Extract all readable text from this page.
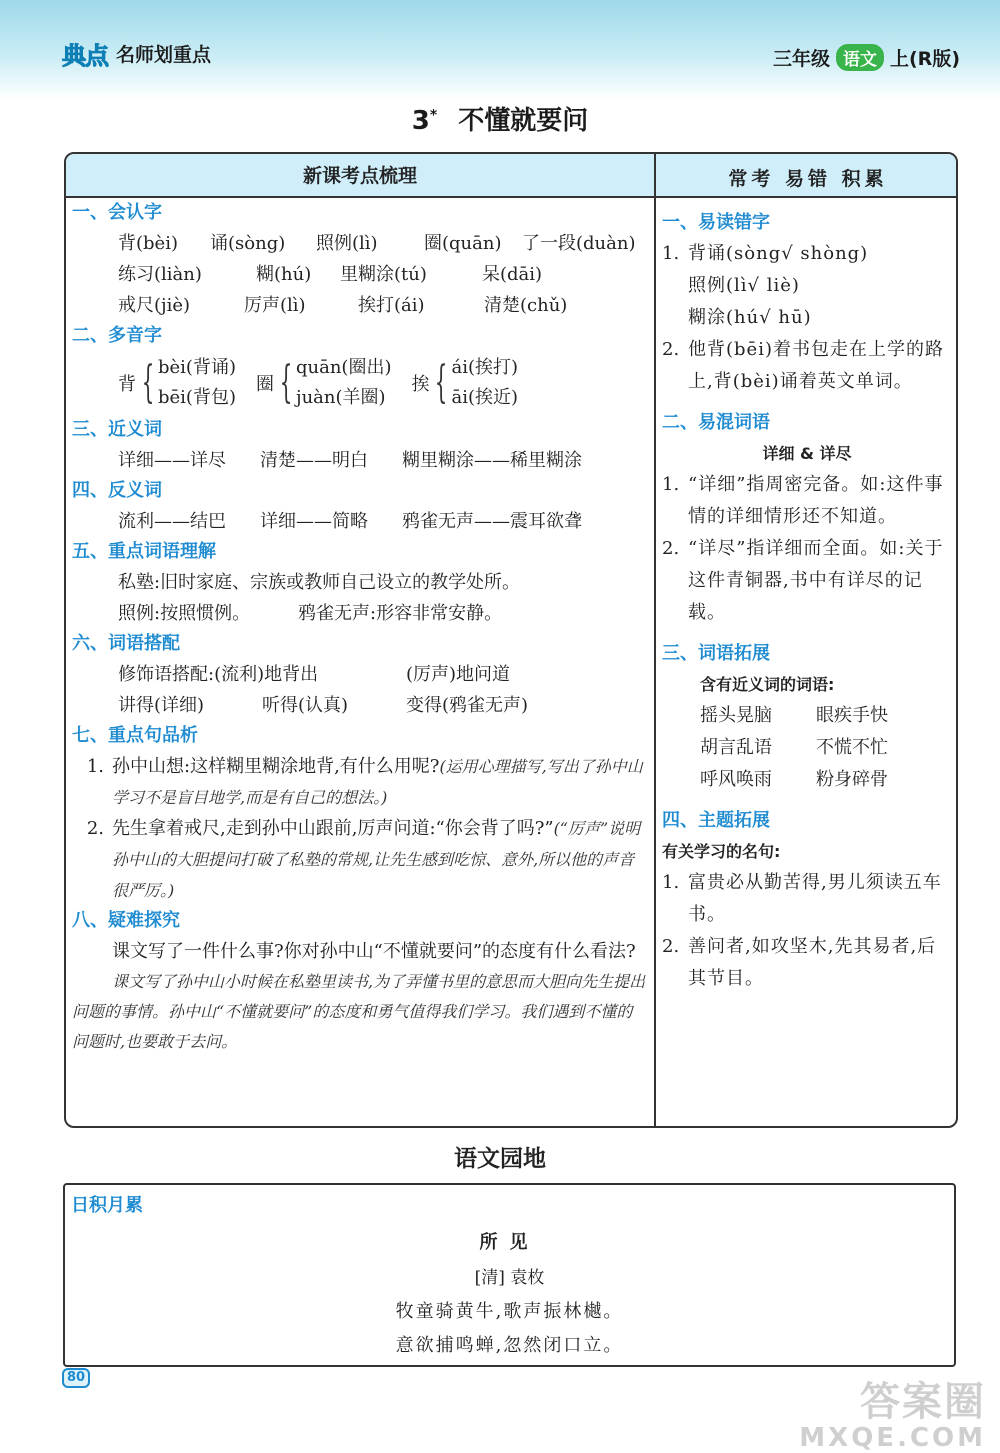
典点 名师划重点	三年级 语文 上(R版)
3* 不懂就要问
新课考点梳理	常考 易错 积累
一、会认字
背(bèi)	诵(sòng)	照例(lì)	圈(quān)	了一段(duàn)
练习(liàn)	糊(hú)	里糊涂(tú)	呆(dāi)
戒尺(jiè)	厉声(lì)	挨打(ái)	清楚(chǔ)
二、多音字
背 { bèi(背诵)
bēi(背包)
圈 { quān(圈出)
juàn(羊圈)
挨 { ái(挨打)
āi(挨近)
三、近义词
详细——详尽	清楚——明白	糊里糊涂——稀里糊涂
四、反义词
流利——结巴	详细——简略	鸦雀无声——震耳欲聋
五、重点词语理解
私塾:旧时家庭、宗族或教师自己设立的教学处所。
照例:按照惯例。	鸦雀无声:形容非常安静。
六、词语搭配
修饰语搭配:(流利)地背出	(厉声)地问道
讲得(详细)	听得(认真)	变得(鸦雀无声)
七、重点句品析
1. 孙中山想:这样糊里糊涂地背,有什么用呢?(运用心理描写,写出了孙中山学习不是盲目地学,而是有自己的想法。)
2. 先生拿着戒尺,走到孙中山跟前,厉声问道:“你会背了吗?”(“厉声”说明孙中山的大胆提问打破了私塾的常规,让先生感到吃惊、意外,所以他的声音很严厉。)
八、疑难探究
课文写了一件什么事?你对孙中山“不懂就要问”的态度有什么看法?
课文写了孙中山小时候在私塾里读书,为了弄懂书里的意思而大胆向先生提出问题的事情。孙中山“不懂就要问”的态度和勇气值得我们学习。我们遇到不懂的问题时,也要敢于去问。
一、易读错字
1. 背诵(sòng√ shòng)
照例(lì√ liè)
糊涂(hú√ hū)
2. 他背(bēi)着书包走在上学的路上,背(bèi)诵着英文单词。
二、易混词语
详细 & 详尽
1. “详细”指周密完备。如:这件事情的详细情形还不知道。
2. “详尽”指详细而全面。如:关于这件青铜器,书中有详尽的记载。
三、词语拓展
含有近义词的词语:
摇头晃脑	眼疾手快
胡言乱语	不慌不忙
呼风唤雨	粉身碎骨
四、主题拓展
有关学习的名句:
1. 富贵必从勤苦得,男儿须读五车书。
2. 善问者,如攻坚木,先其易者,后其节目。
语文园地
日积月累
所见
[清] 袁枚
牧童骑黄牛,歌声振林樾。
意欲捕鸣蝉,忽然闭口立。
80
答案圈
MXQE.COM
